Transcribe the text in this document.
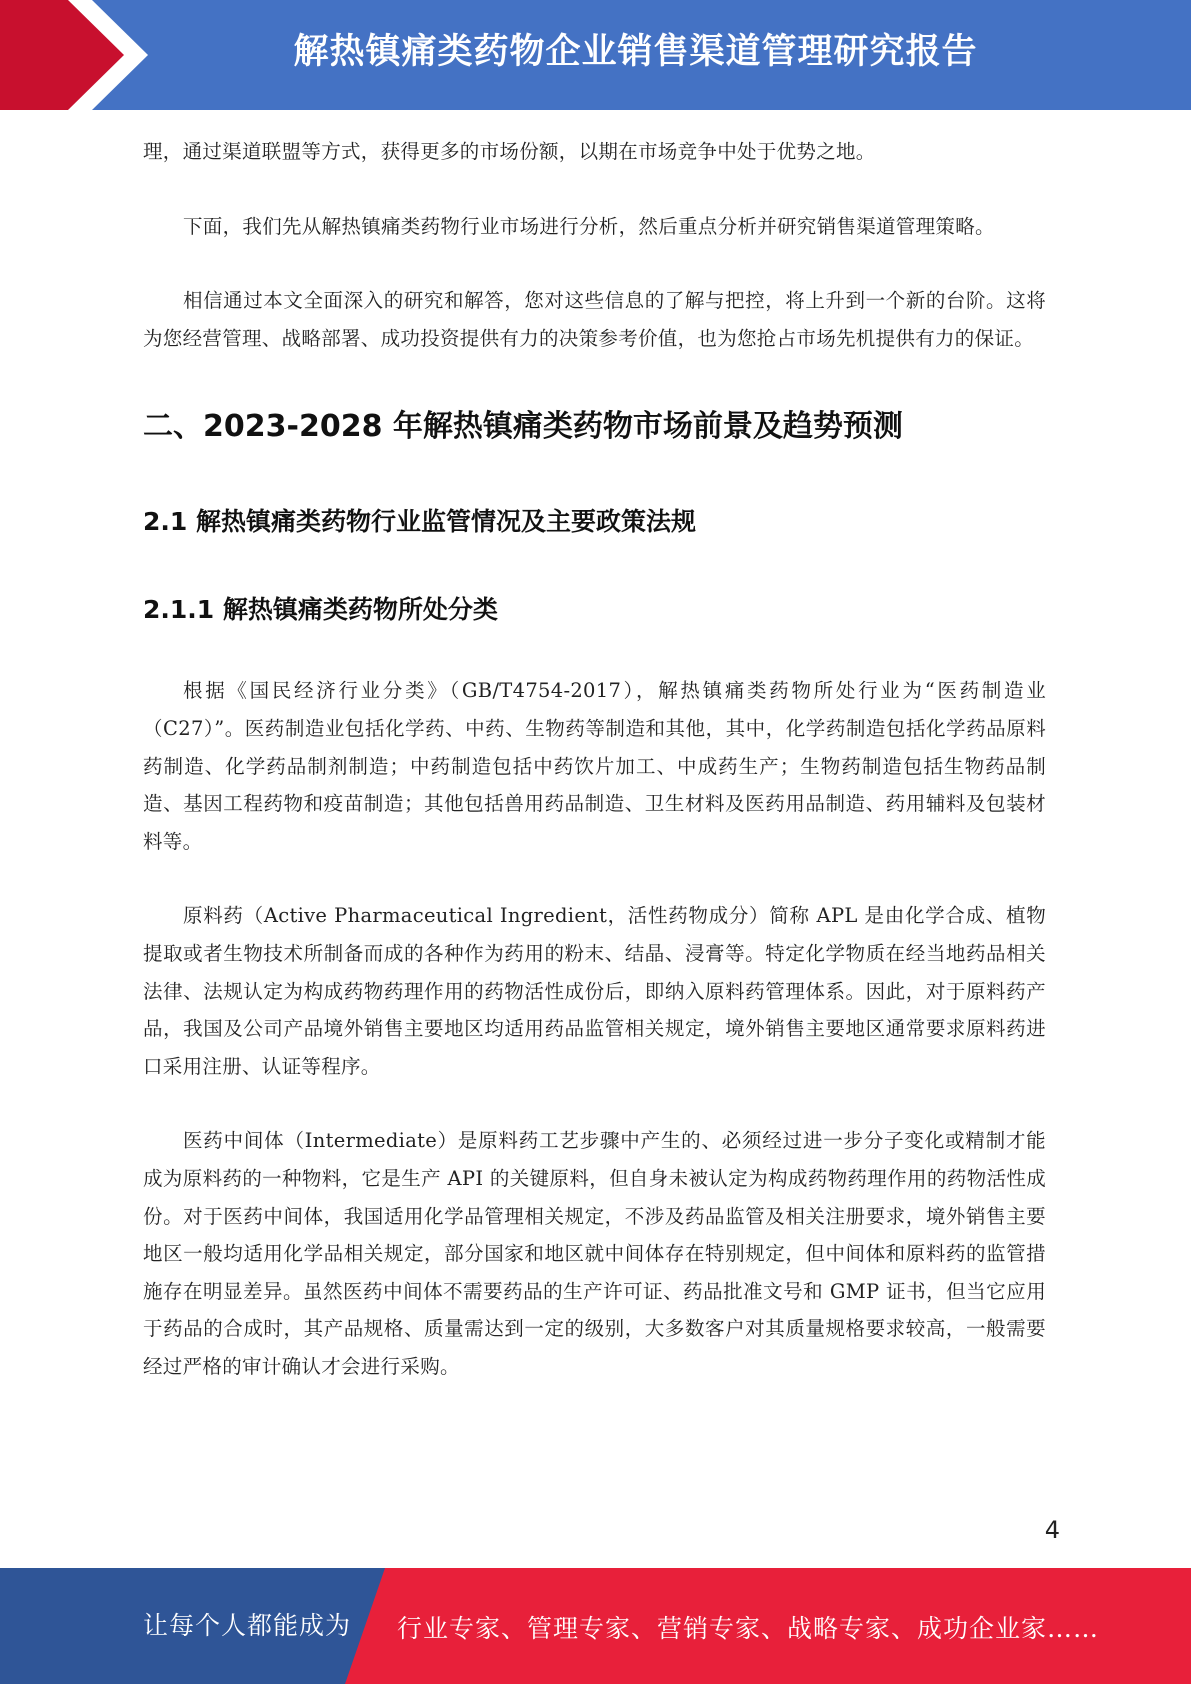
解热镇痛类药物企业销售渠道管理研究报告

理，通过渠道联盟等方式，获得更多的市场份额，以期在市场竞争中处于优势之地。

下面，我们先从解热镇痛类药物行业市场进行分析，然后重点分析并研究销售渠道管理策略。

相信通过本文全面深入的研究和解答，您对这些信息的了解与把控，将上升到一个新的台阶。这将为您经营管理、战略部署、成功投资提供有力的决策参考价值，也为您抢占市场先机提供有力的保证。

二、2023-2028 年解热镇痛类药物市场前景及趋势预测
2.1 解热镇痛类药物行业监管情况及主要政策法规
2.1.1 解热镇痛类药物所处分类

根据《国民经济行业分类》（GB/T4754-2017），解热镇痛类药物所处行业为“医药制造业（C27）”。医药制造业包括化学药、中药、生物药等制造和其他，其中，化学药制造包括化学药品原料药制造、化学药品制剂制造；中药制造包括中药饮片加工、中成药生产；生物药制造包括生物药品制造、基因工程药物和疫苗制造；其他包括兽用药品制造、卫生材料及医药用品制造、药用辅料及包装材料等。

原料药（Active Pharmaceutical Ingredient，活性药物成分）简称 APL 是由化学合成、植物提取或者生物技术所制备而成的各种作为药用的粉末、结晶、浸膏等。特定化学物质在经当地药品相关法律、法规认定为构成药物药理作用的药物活性成份后，即纳入原料药管理体系。因此，对于原料药产品，我国及公司产品境外销售主要地区均适用药品监管相关规定，境外销售主要地区通常要求原料药进口采用注册、认证等程序。

医药中间体（Intermediate）是原料药工艺步骤中产生的、必须经过进一步分子变化或精制才能成为原料药的一种物料，它是生产 API 的关键原料，但自身未被认定为构成药物药理作用的药物活性成份。对于医药中间体，我国适用化学品管理相关规定，不涉及药品监管及相关注册要求，境外销售主要地区一般均适用化学品相关规定，部分国家和地区就中间体存在特别规定，但中间体和原料药的监管措施存在明显差异。虽然医药中间体不需要药品的生产许可证、药品批准文号和 GMP 证书，但当它应用于药品的合成时，其产品规格、质量需达到一定的级别，大多数客户对其质量规格要求较高，一般需要经过严格的审计确认才会进行采购。

4
让每个人都能成为 行业专家、管理专家、营销专家、战略专家、成功企业家……
